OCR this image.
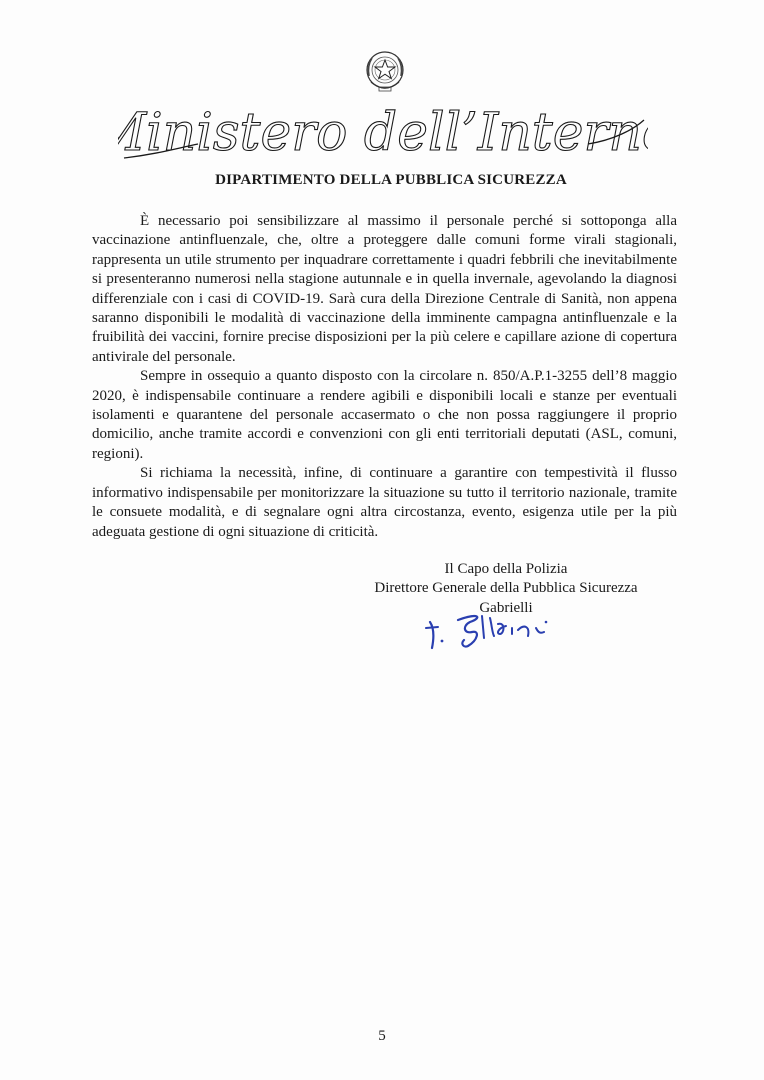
Ministero dell’Interno
DIPARTIMENTO DELLA PUBBLICA SICUREZZA

È necessario poi sensibilizzare al massimo il personale perché si sottoponga alla vaccinazione antinfluenzale, che, oltre a proteggere dalle comuni forme virali stagionali, rappresenta un utile strumento per inquadrare correttamente i quadri febbrili che inevitabilmente si presenteranno numerosi nella stagione autunnale e in quella invernale, agevolando la diagnosi differenziale con i casi di COVID-19. Sarà cura della Direzione Centrale di Sanità, non appena saranno disponibili le modalità di vaccinazione della imminente campagna antinfluenzale e la fruibilità dei vaccini, fornire precise disposizioni per la più celere e capillare azione di copertura antivirale del personale.

Sempre in ossequio a quanto disposto con la circolare n. 850/A.P.1-3255 dell’8 maggio 2020, è indispensabile continuare a rendere agibili e disponibili locali e stanze per eventuali isolamenti e quarantene del personale accasermato o che non possa raggiungere il proprio domicilio, anche tramite accordi e convenzioni con gli enti territoriali deputati (ASL, comuni, regioni).

Si richiama la necessità, infine, di continuare a garantire con tempestività il flusso informativo indispensabile per monitorizzare la situazione su tutto il territorio nazionale, tramite le consuete modalità, e di segnalare ogni altra circostanza, evento, esigenza utile per la più adeguata gestione di ogni situazione di criticità.

Il Capo della Polizia
Direttore Generale della Pubblica Sicurezza
Gabrielli
5
